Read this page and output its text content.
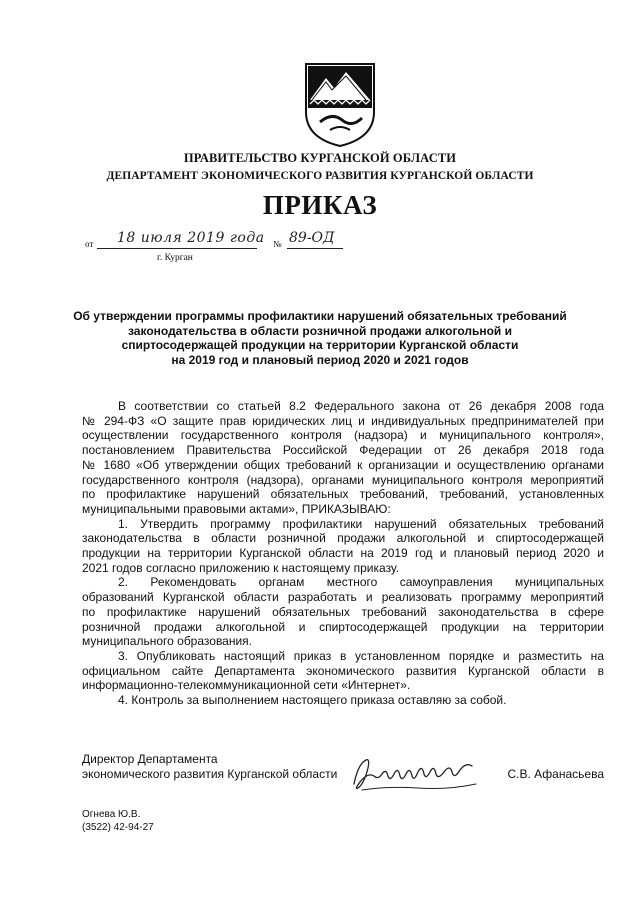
ПРАВИТЕЛЬСТВО КУРГАНСКОЙ ОБЛАСТИ
ДЕПАРТАМЕНТ ЭКОНОМИЧЕСКОГО РАЗВИТИЯ КУРГАНСКОЙ ОБЛАСТИ
ПРИКАЗ
от 18 июля 2019 года № 89-ОД
г. Курган
Об утверждении программы профилактики нарушений обязательных требований
законодательства в области розничной продажи алкогольной и
спиртосодержащей продукции на территории Курганской области
на 2019 год и плановый период 2020 и 2021 годов
В соответствии со статьей 8.2 Федерального закона от 26 декабря 2008 года
№ 294-ФЗ «О защите прав юридических лиц и индивидуальных предпринимателей при
осуществлении государственного контроля (надзора) и муниципального контроля»,
постановлением Правительства Российской Федерации от 26 декабря 2018 года
№ 1680 «Об утверждении общих требований к организации и осуществлению органами
государственного контроля (надзора), органами муниципального контроля мероприятий
по профилактике нарушений обязательных требований, требований, установленных
муниципальными правовыми актами», ПРИКАЗЫВАЮ:
1. Утвердить программу профилактики нарушений обязательных требований
законодательства в области розничной продажи алкогольной и спиртосодержащей
продукции на территории Курганской области на 2019 год и плановый период 2020 и
2021 годов согласно приложению к настоящему приказу.
2. Рекомендовать органам местного самоуправления муниципальных
образований Курганской области разработать и реализовать программу мероприятий
по профилактике нарушений обязательных требований законодательства в сфере
розничной продажи алкогольной и спиртосодержащей продукции на территории
муниципального образования.
3. Опубликовать настоящий приказ в установленном порядке и разместить на
официальном сайте Департамента экономического развития Курганской области в
информационно-телекоммуникационной сети «Интернет».
4. Контроль за выполнением настоящего приказа оставляю за собой.
Директор Департамента
экономического развития Курганской области	С.В. Афанасьева
Огнева Ю.В.
(3522) 42-94-27
